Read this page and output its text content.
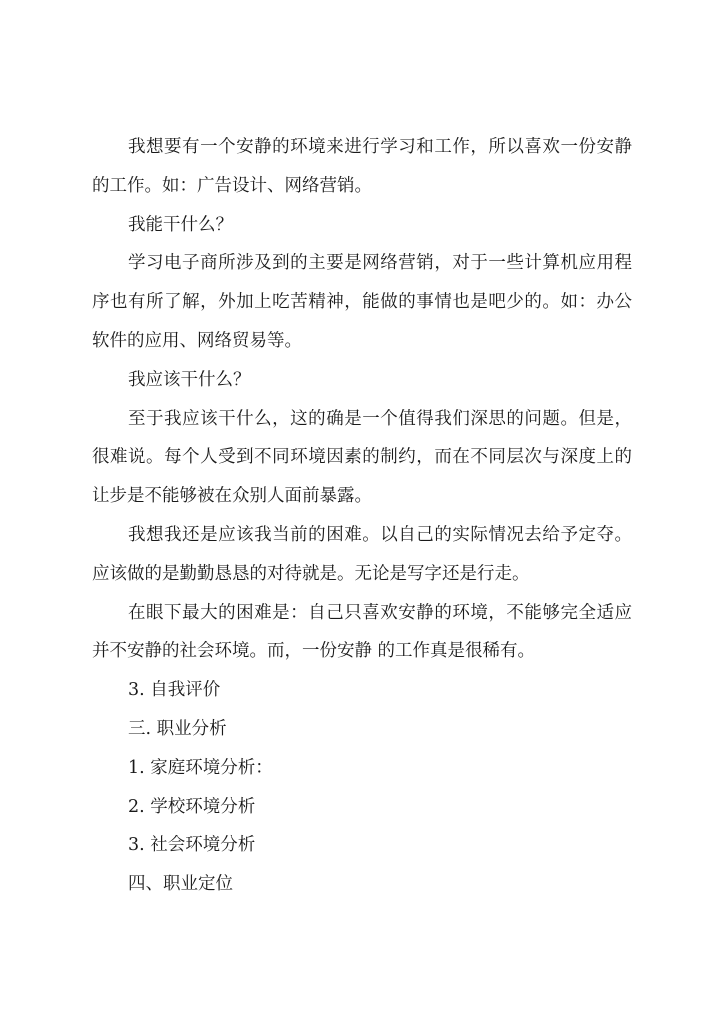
我想要有一个安静的环境来进行学习和工作，所以喜欢一份安静的工作。如：广告设计、网络营销。

我能干什么？

学习电子商所涉及到的主要是网络营销，对于一些计算机应用程序也有所了解，外加上吃苦精神，能做的事情也是吧少的。如：办公软件的应用、网络贸易等。

我应该干什么？

至于我应该干什么，这的确是一个值得我们深思的问题。但是，很难说。每个人受到不同环境因素的制约，而在不同层次与深度上的让步是不能够被在众别人面前暴露。

我想我还是应该我当前的困难。以自己的实际情况去给予定夺。应该做的是勤勤恳恳的对待就是。无论是写字还是行走。

在眼下最大的困难是：自己只喜欢安静的环境，不能够完全适应并不安静的社会环境。而，一份安静 的工作真是很稀有。

3. 自我评价

三. 职业分析

1. 家庭环境分析：

2. 学校环境分析

3. 社会环境分析

四、职业定位
